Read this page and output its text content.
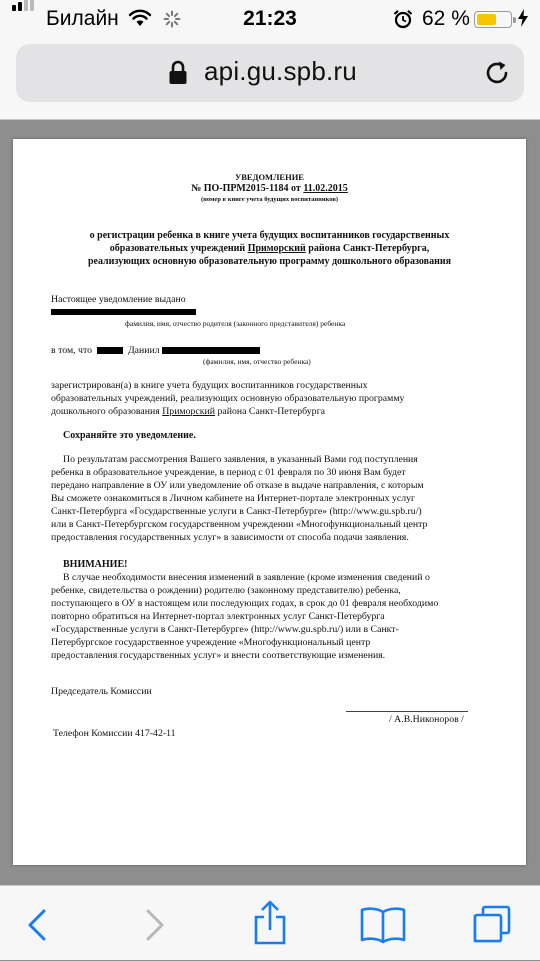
Билайн	21:23	62 %
api.gu.spb.ru
УВЕДОМЛЕНИЕ
№ ПО-ПРМ2015-1184 от 11.02.2015
(номер в книге учета будущих воспитанников)
о регистрации ребенка в книге учета будущих воспитанников государственных
образовательных учреждений Приморский района Санкт-Петербурга,
реализующих основную образовательную программу дошкольного образования
Настоящее уведомление выдано
фамилия, имя, отчество родителя (законного представителя) ребенка
в том, что	Даниил
(фамилия, имя, отчество ребенка)
зарегистрирован(а) в книге учета будущих воспитанников государственных
образовательных учреждений, реализующих основную образовательную программу
дошкольного образования Приморский района Санкт-Петербурга
Сохраняйте это уведомление.
По результатам рассмотрения Вашего заявления, в указанный Вами год поступления
ребенка в образовательное учреждение, в период с 01 февраля по 30 июня Вам будет
передано направление в ОУ или уведомление об отказе в выдаче направления, с которым
Вы сможете ознакомиться в Личном кабинете на Интернет-портале электронных услуг
Санкт-Петербурга «Государственные услуги в Санкт-Петербурге» (http://www.gu.spb.ru/)
или в Санкт-Петербургском государственном учреждении «Многофункциональный центр
предоставления государственных услуг» в зависимости от способа подачи заявления.
ВНИМАНИЕ!
В случае необходимости внесения изменений в заявление (кроме изменения сведений о
ребенке, свидетельства о рождении) родителю (законному представителю) ребенка,
поступающего в ОУ в настоящем или последующих годах, в срок до 01 февраля необходимо
повторно обратиться на Интернет-портал электронных услуг Санкт-Петербурга
«Государственные услуги в Санкт-Петербурге» (http://www.gu.spb.ru/) или в Санкт-
Петербургское государственное учреждение «Многофункциональный центр
предоставления государственных услуг» и внести соответствующие изменения.
Председатель Комиссии
/ А.В.Никоноров /
Телефон Комиссии 417-42-11
